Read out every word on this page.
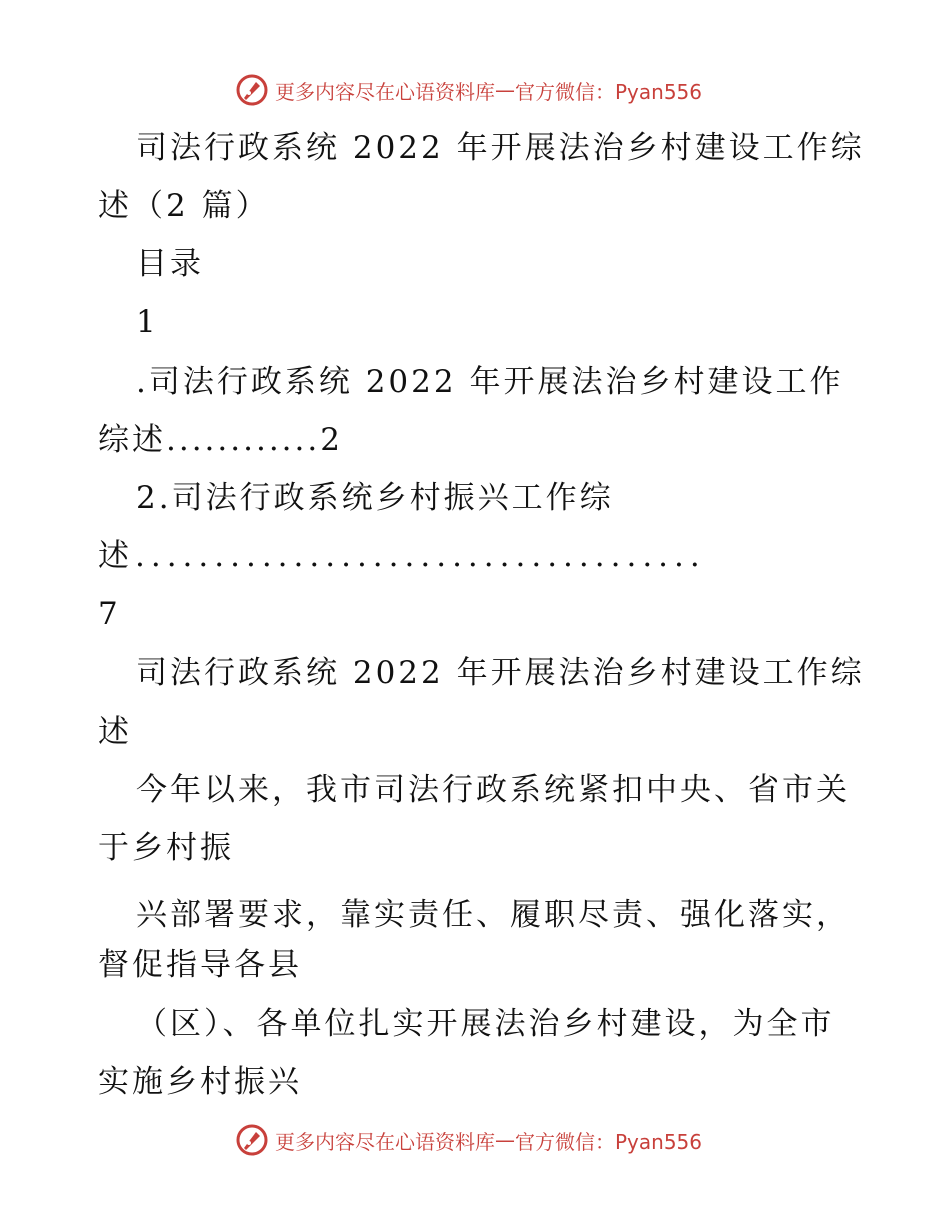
更多内容尽在心语资料库 — 官方微信：Pyan556
司法行政系统 2022 年开展法治乡村建设工作综
述（2 篇）
目录
1
.司法行政系统 2022 年开展法治乡村建设工作
综述............2
2.司法行政系统乡村振兴工作综
述....................................
7
司法行政系统 2022 年开展法治乡村建设工作综
述
今年以来，我市司法行政系统紧扣中央、省市关
于乡村振
兴部署要求，靠实责任、履职尽责、强化落实，
督促指导各县
（区）、各单位扎实开展法治乡村建设，为全市
实施乡村振兴
更多内容尽在心语资料库 — 官方微信：Pyan556
